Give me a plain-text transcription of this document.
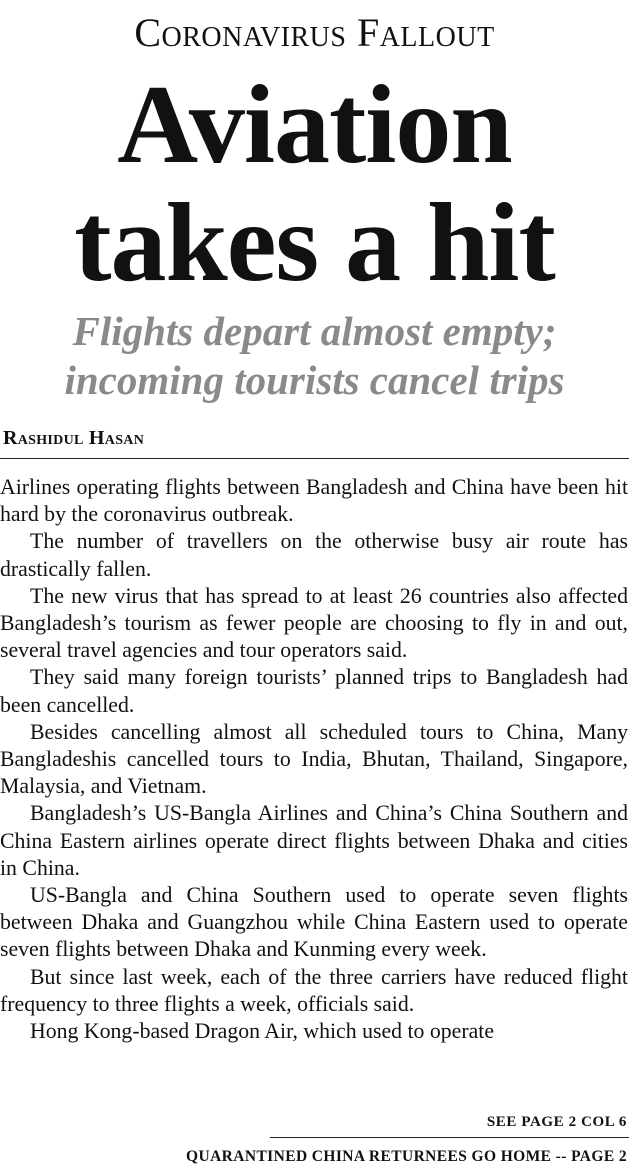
Coronavirus Fallout
Aviation
takes a hit
Flights depart almost empty;
incoming tourists cancel trips
Rashidul Hasan

Airlines operating flights between Bangladesh and China have been hit hard by the coronavirus outbreak.

The number of travellers on the otherwise busy air route has drastically fallen.

The new virus that has spread to at least 26 countries also affected Bangladesh’s tourism as fewer people are choosing to fly in and out, several travel agencies and tour operators said.

They said many foreign tourists’ planned trips to Bangladesh had been cancelled.

Besides cancelling almost all scheduled tours to China, Many Bangladeshis cancelled tours to India, Bhutan, Thailand, Singapore, Malaysia, and Vietnam.

Bangladesh’s US-Bangla Airlines and China’s China Southern and China Eastern airlines operate direct flights between Dhaka and cities in China.

US-Bangla and China Southern used to operate seven flights between Dhaka and Guangzhou while China Eastern used to operate seven flights between Dhaka and Kunming every week.

But since last week, each of the three carriers have reduced flight frequency to three flights a week, officials said.

Hong Kong-based Dragon Air, which used to operate

SEE PAGE 2 COL 6
QUARANTINED CHINA RETURNEES GO HOME -- PAGE 2
